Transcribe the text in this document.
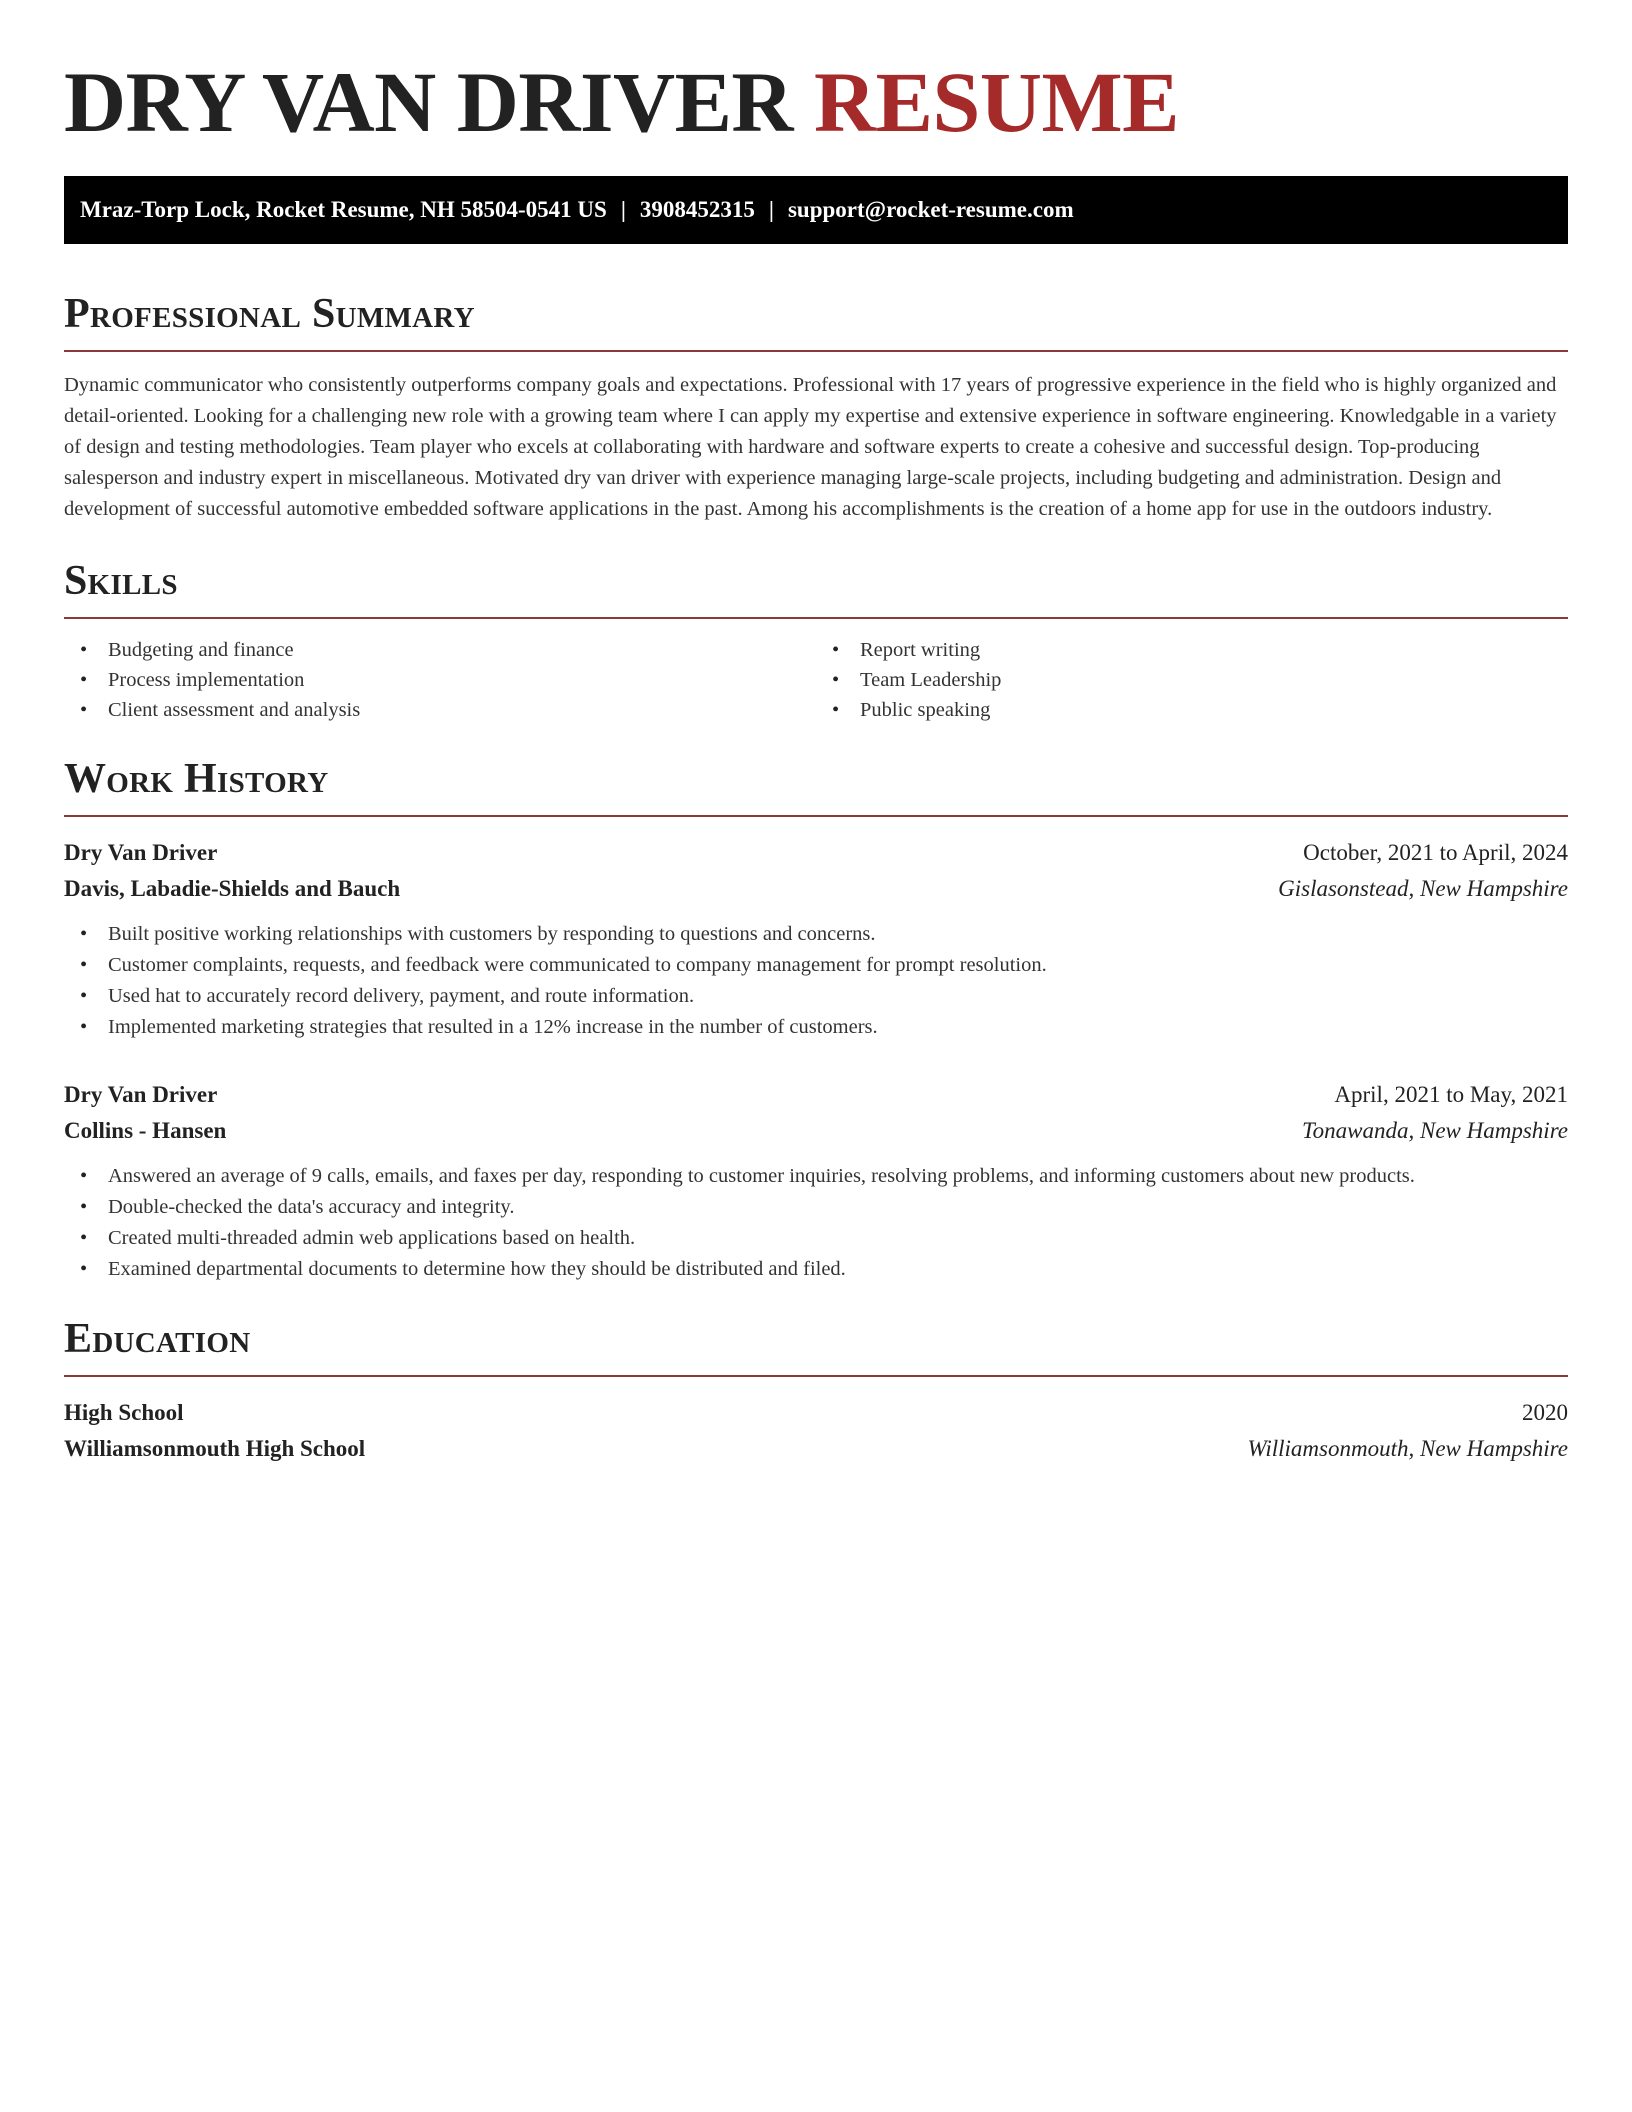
DRY VAN DRIVER RESUME
Mraz-Torp Lock, Rocket Resume, NH 58504-0541 US | 3908452315 | support@rocket-resume.com
Professional Summary

Dynamic communicator who consistently outperforms company goals and expectations. Professional with 17 years of progressive experience in the field who is highly organized and detail-oriented. Looking for a challenging new role with a growing team where I can apply my expertise and extensive experience in software engineering. Knowledgable in a variety of design and testing methodologies. Team player who excels at collaborating with hardware and software experts to create a cohesive and successful design. Top-producing salesperson and industry expert in miscellaneous. Motivated dry van driver with experience managing large-scale projects, including budgeting and administration. Design and development of successful automotive embedded software applications in the past. Among his accomplishments is the creation of a home app for use in the outdoors industry.

Skills
• Budgeting and finance
• Process implementation
• Client assessment and analysis
• Report writing
• Team Leadership
• Public speaking
Work History
Dry Van Driver	October, 2021 to April, 2024
Davis, Labadie-Shields and Bauch	Gislasonstead, New Hampshire
• Built positive working relationships with customers by responding to questions and concerns.
• Customer complaints, requests, and feedback were communicated to company management for prompt resolution.
• Used hat to accurately record delivery, payment, and route information.
• Implemented marketing strategies that resulted in a 12% increase in the number of customers.
Dry Van Driver	April, 2021 to May, 2021
Collins - Hansen	Tonawanda, New Hampshire
• Answered an average of 9 calls, emails, and faxes per day, responding to customer inquiries, resolving problems, and informing customers about new products.
• Double-checked the data's accuracy and integrity.
• Created multi-threaded admin web applications based on health.
• Examined departmental documents to determine how they should be distributed and filed.
Education
High School	2020
Williamsonmouth High School	Williamsonmouth, New Hampshire
